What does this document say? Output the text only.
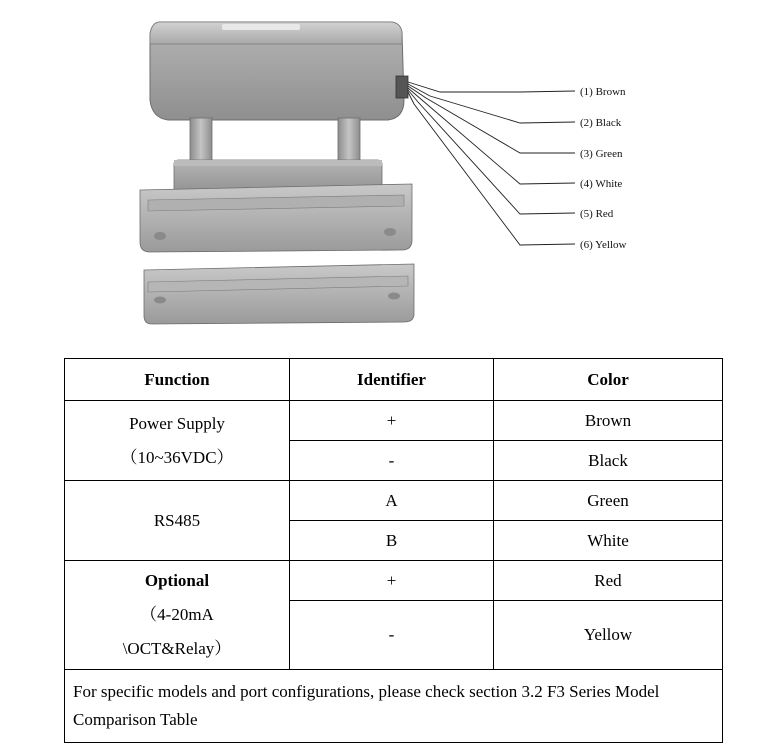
(1) Brown
(2) Black
(3) Green
(4) White
(5) Red
(6) Yellow
Function	Identifier	Color

Power Supply
（10~36VDC）	+	Brown
	-	Black
RS485	A	Green
	B	White

Optional
（4-20mA
\OCT&Relay）	+	Red
	-	Yellow
For specific models and port configurations, please check section 3.2 F3 Series Model Comparison Table		
